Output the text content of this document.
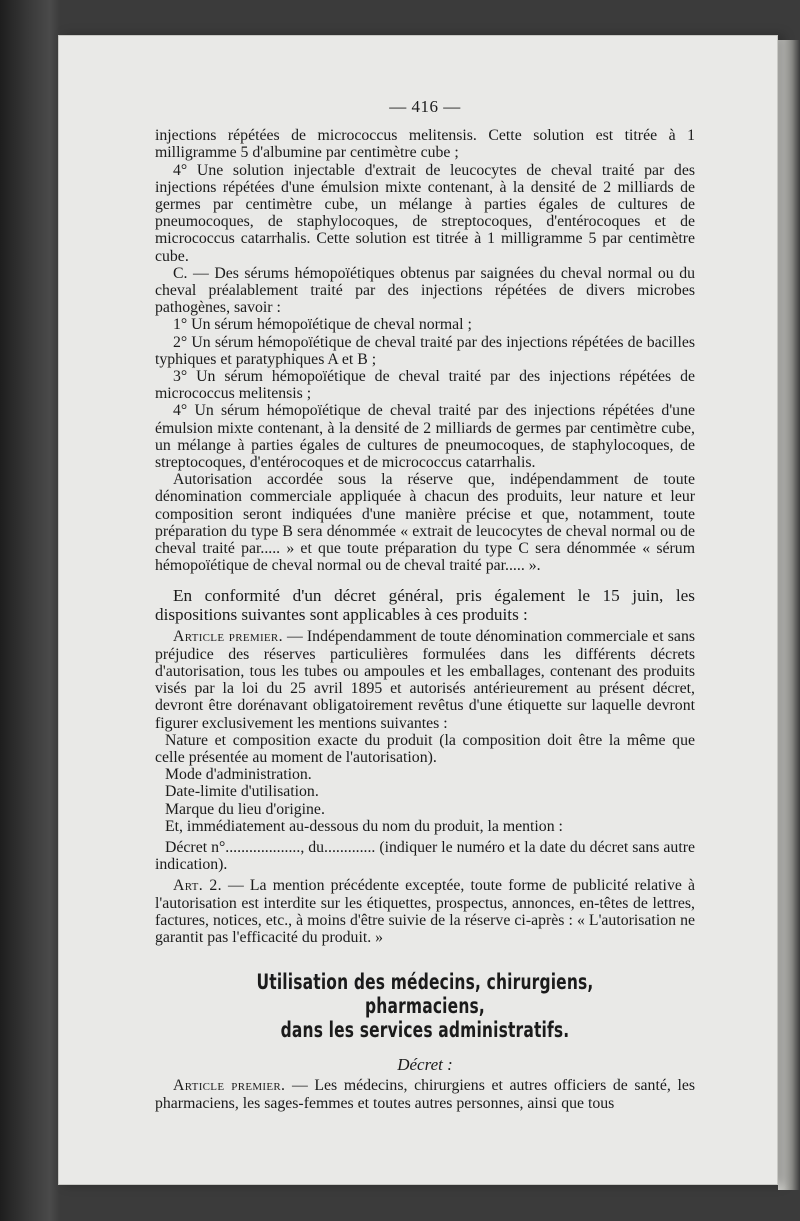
— 416 —

injections répétées de micrococcus melitensis. Cette solution est titrée à 1 milligramme 5 d'albumine par centimètre cube ;

4° Une solution injectable d'extrait de leucocytes de cheval traité par des injections répétées d'une émulsion mixte contenant, à la densité de 2 milliards de germes par centimètre cube, un mélange à parties égales de cultures de pneumocoques, de staphylocoques, de streptocoques, d'entérocoques et de micrococcus catarrhalis. Cette solution est titrée à 1 milligramme 5 par centimètre cube.

C. — Des sérums hémopoïétiques obtenus par saignées du cheval normal ou du cheval préalablement traité par des injections répétées de divers microbes pathogènes, savoir :

1° Un sérum hémopoïétique de cheval normal ;

2° Un sérum hémopoïétique de cheval traité par des injections répétées de bacilles typhiques et paratyphiques A et B ;

3° Un sérum hémopoïétique de cheval traité par des injections répétées de micrococcus melitensis ;

4° Un sérum hémopoïétique de cheval traité par des injections répétées d'une émulsion mixte contenant, à la densité de 2 milliards de germes par centimètre cube, un mélange à parties égales de cultures de pneumocoques, de staphylocoques, de streptocoques, d'entérocoques et de micrococcus catarrhalis.

Autorisation accordée sous la réserve que, indépendamment de toute dénomination commerciale appliquée à chacun des produits, leur nature et leur composition seront indiquées d'une manière précise et que, notamment, toute préparation du type B sera dénommée « extrait de leucocytes de cheval normal ou de cheval traité par..... » et que toute préparation du type C sera dénommée « sérum hémopoïétique de cheval normal ou de cheval traité par..... ».

En conformité d'un décret général, pris également le 15 juin, les dispositions suivantes sont applicables à ces produits :

Article premier. — Indépendamment de toute dénomination commerciale et sans préjudice des réserves particulières formulées dans les différents décrets d'autorisation, tous les tubes ou ampoules et les emballages, contenant des produits visés par la loi du 25 avril 1895 et autorisés antérieurement au présent décret, devront être dorénavant obligatoirement revêtus d'une étiquette sur laquelle devront figurer exclusivement les mentions suivantes :

Nature et composition exacte du produit (la composition doit être la même que celle présentée au moment de l'autorisation).

Mode d'administration.

Date-limite d'utilisation.

Marque du lieu d'origine.

Et, immédiatement au-dessous du nom du produit, la mention :

Décret n°..................., du............. (indiquer le numéro et la date du décret sans autre indication).

Art. 2. — La mention précédente exceptée, toute forme de publicité relative à l'autorisation est interdite sur les étiquettes, prospectus, annonces, en-têtes de lettres, factures, notices, etc., à moins d'être suivie de la réserve ci-après : « L'autorisation ne garantit pas l'efficacité du produit. »

Utilisation des médecins, chirurgiens, pharmaciens,
dans les services administratifs.
Décret :

Article premier. — Les médecins, chirurgiens et autres officiers de santé, les pharmaciens, les sages-femmes et toutes autres personnes, ainsi que tous
